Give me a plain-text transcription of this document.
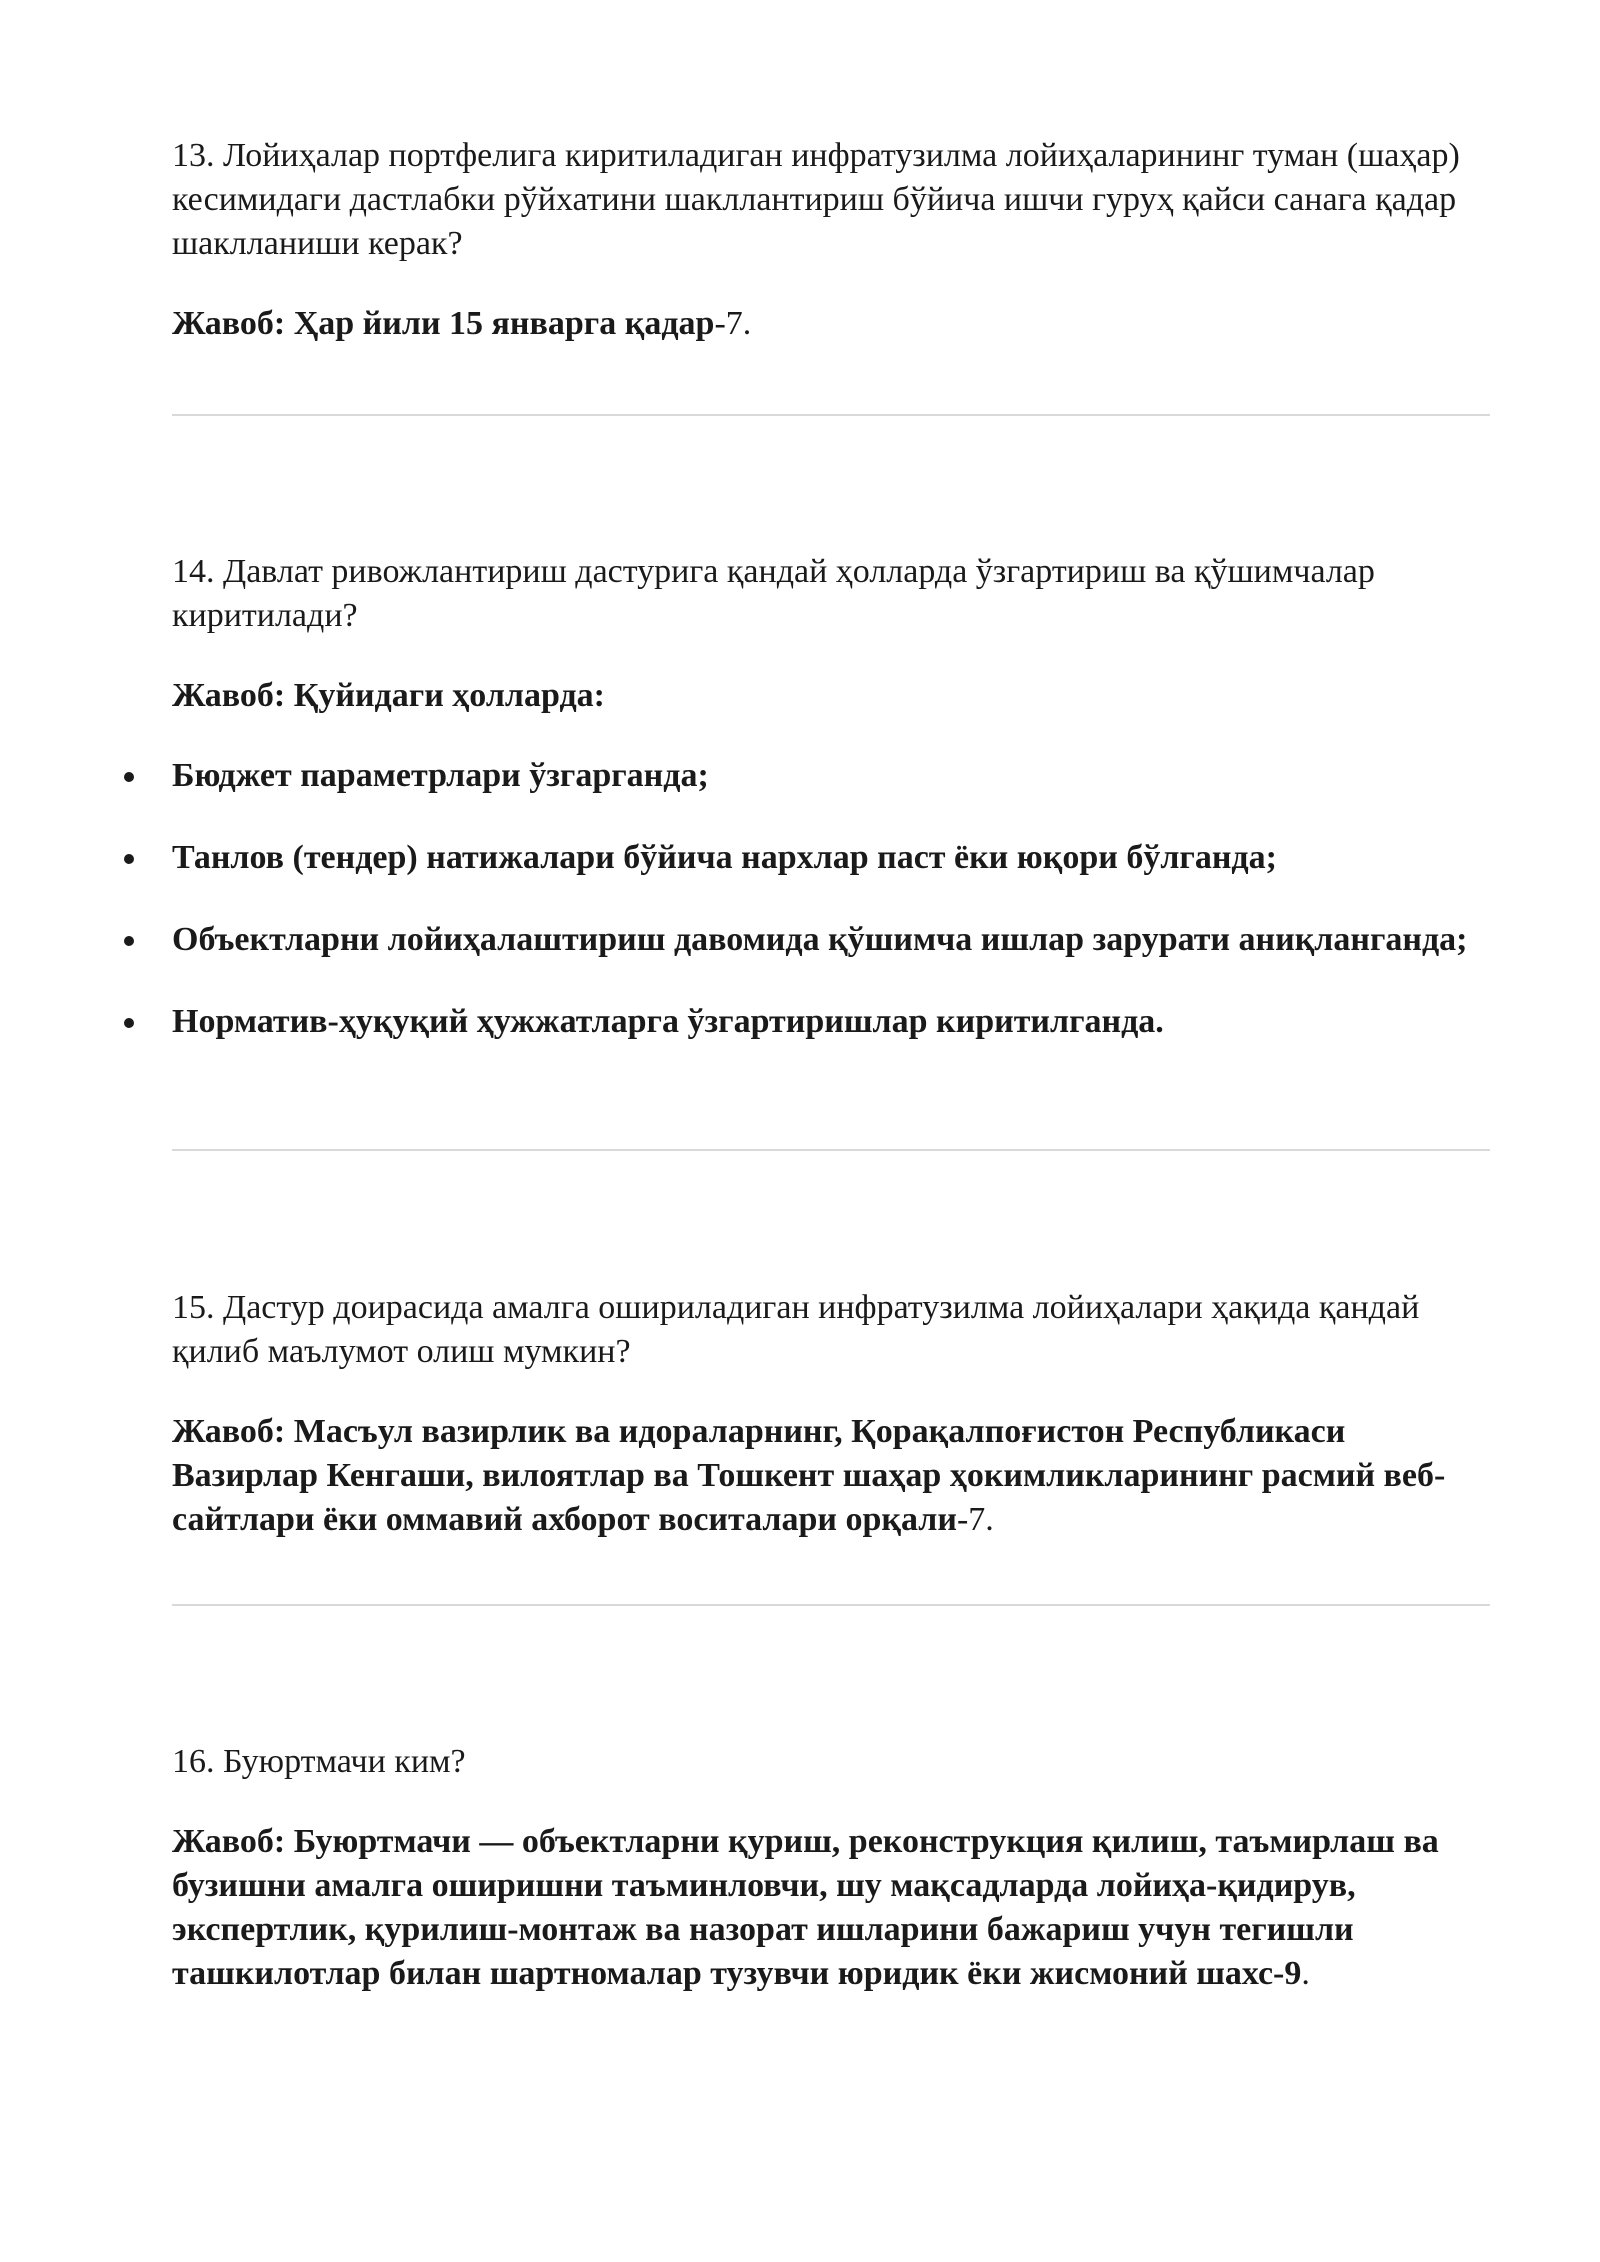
13. Лойиҳалар портфелига киритиладиган инфратузилма лойиҳаларининг туман (шаҳар) кесимидаги дастлабки рўйхатини шакллантириш бўйича ишчи гуруҳ қайси санага қадар шаклланиши керак?

Жавоб: Ҳар йили 15 январга қадар-7.

14. Давлат ривожлантириш дастурига қандай ҳолларда ўзгартириш ва қўшимчалар киритилади?

Жавоб: Қуйидаги ҳолларда:

Бюджет параметрлари ўзгарганда;
Танлов (тендер) натижалари бўйича нархлар паст ёки юқори бўлганда;
Объектларни лойиҳалаштириш давомида қўшимча ишлар зарурати аниқланганда;
Норматив-ҳуқуқий ҳужжатларга ўзгартиришлар киритилганда.

15. Дастур доирасида амалга ошириладиган инфратузилма лойиҳалари ҳақида қандай қилиб маълумот олиш мумкин?

Жавоб: Масъул вазирлик ва идораларнинг, Қорақалпоғистон Республикаси Вазирлар Кенгаши, вилоятлар ва Тошкент шаҳар ҳокимликларининг расмий веб-сайтлари ёки оммавий ахборот воситалари орқали-7.

16. Буюртмачи ким?

Жавоб: Буюртмачи — объектларни қуриш, реконструкция қилиш, таъмирлаш ва бузишни амалга оширишни таъминловчи, шу мақсадларда лойиҳа-қидирув, экспертлик, қурилиш-монтаж ва назорат ишларини бажариш учун тегишли ташкилотлар билан шартномалар тузувчи юридик ёки жисмоний шахс-9.
